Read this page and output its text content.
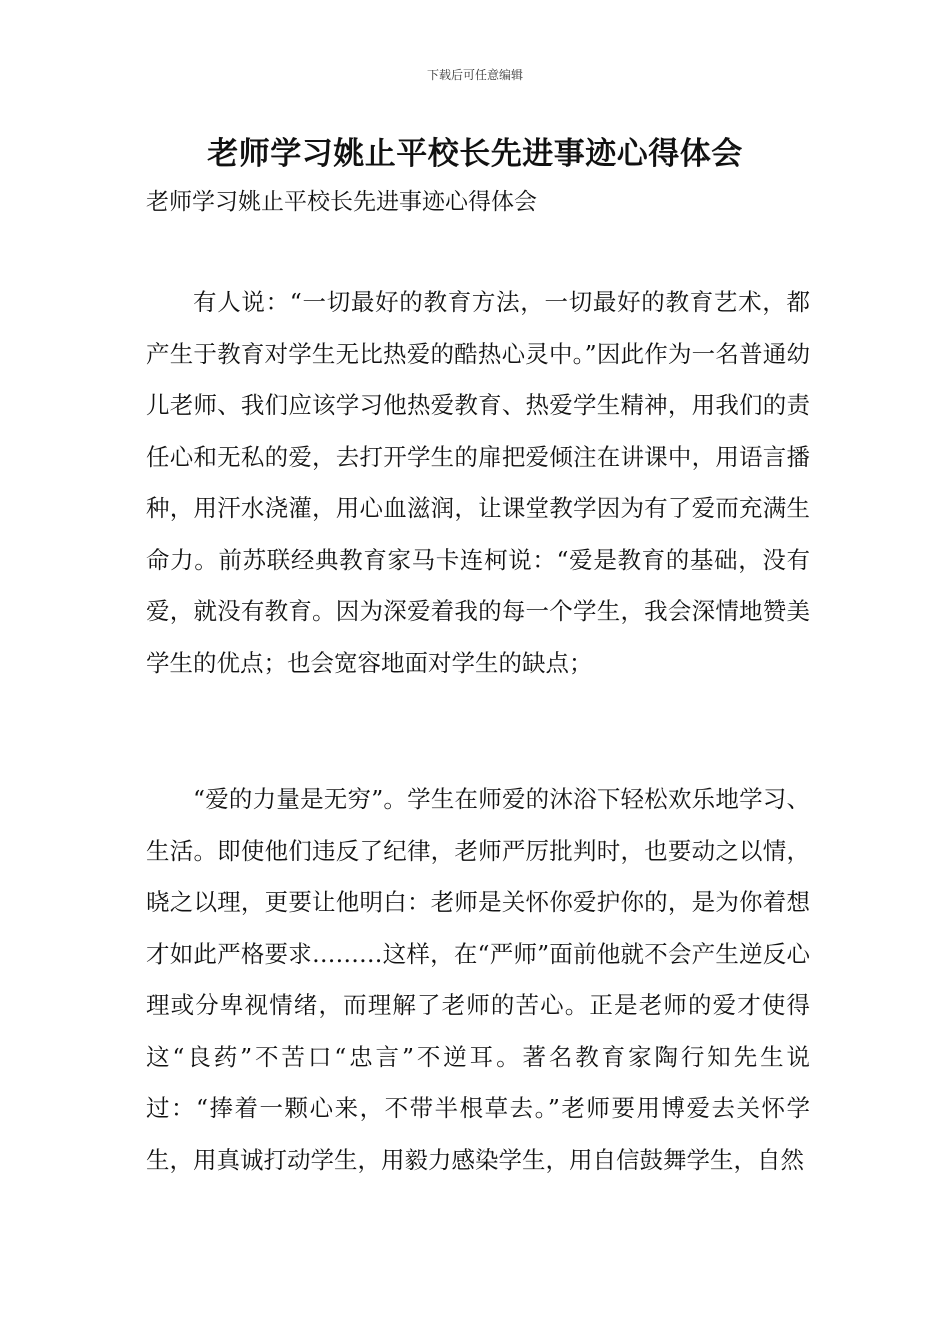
下载后可任意编辑
老师学习姚止平校长先进事迹心得体会
老师学习姚止平校长先进事迹心得体会

有人说：“一切最好的教育方法，一切最好的教育艺术，都产生于教育对学生无比热爱的酷热心灵中。”因此作为一名普通幼儿老师、我们应该学习他热爱教育、热爱学生精神，用我们的责任心和无私的爱，去打开学生的扉把爱倾注在讲课中，用语言播种，用汗水浇灌，用心血滋润，让课堂教学因为有了爱而充满生命力。前苏联经典教育家马卡连柯说：“爱是教育的基础，没有爱，就没有教育。因为深爱着我的每一个学生，我会深情地赞美学生的优点；也会宽容地面对学生的缺点；

“爱的力量是无穷”。学生在师爱的沐浴下轻松欢乐地学习、生活。即使他们违反了纪律，老师严厉批判时，也要动之以情，晓之以理，更要让他明白：老师是关怀你爱护你的，是为你着想才如此严格要求………这样，在“严师”面前他就不会产生逆反心理或分卑视情绪，而理解了老师的苦心。正是老师的爱才使得这“良药”不苦口“忠言”不逆耳。著名教育家陶行知先生说过：“捧着一颗心来，不带半根草去。”老师要用博爱去关怀学生，用真诚打动学生，用毅力感染学生，用自信鼓舞学生，自然
